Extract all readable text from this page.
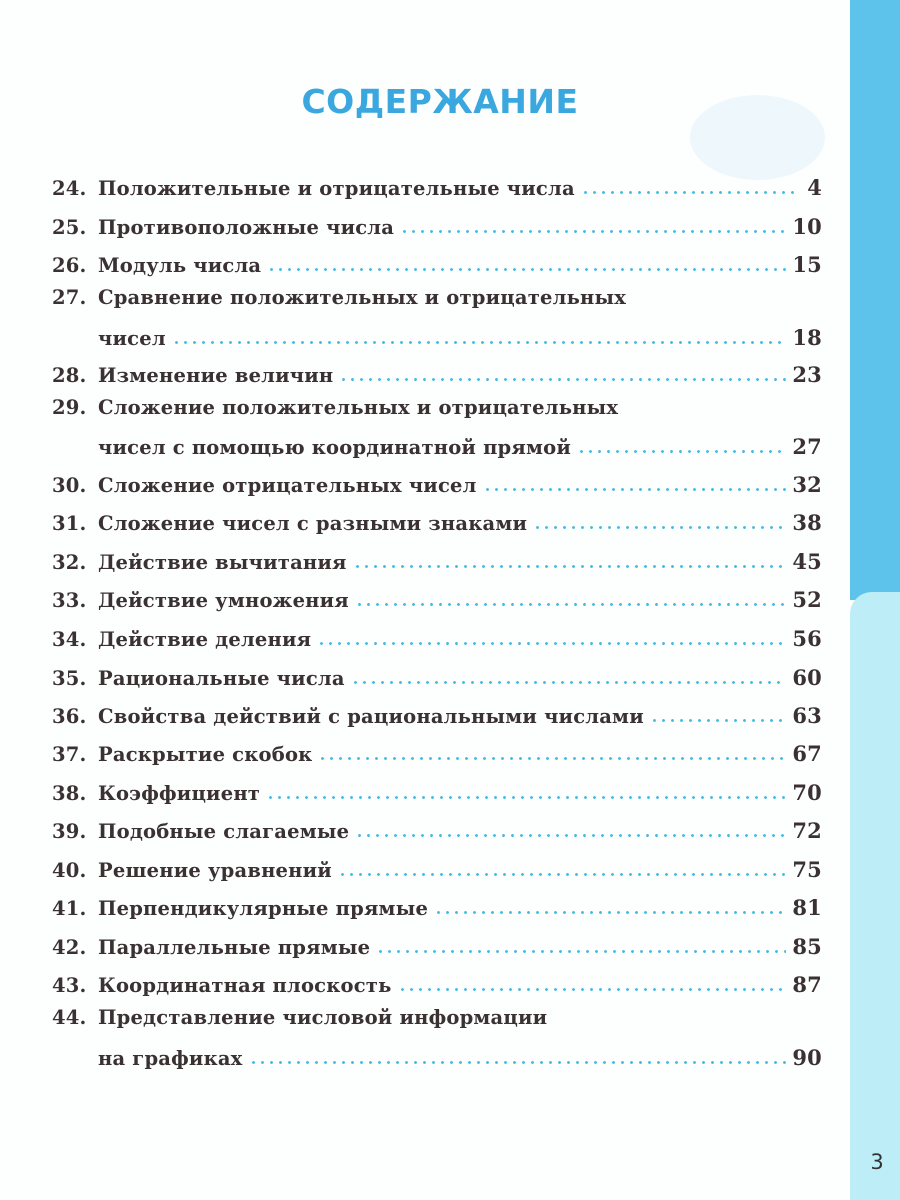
СОДЕРЖАНИЕ
24. Положительные и отрицательные числа	4
25. Противоположные числа	10
26. Модуль числа	15
27. Сравнение положительных и отрицательных
чисел	18
28. Изменение величин	23
29. Сложение положительных и отрицательных
чисел с помощью координатной прямой	27
30. Сложение отрицательных чисел	32
31. Сложение чисел с разными знаками	38
32. Действие вычитания	45
33. Действие умножения	52
34. Действие деления	56
35. Рациональные числа	60
36. Свойства действий с рациональными числами	63
37. Раскрытие скобок	67
38. Коэффициент	70
39. Подобные слагаемые	72
40. Решение уравнений	75
41. Перпендикулярные прямые	81
42. Параллельные прямые	85
43. Координатная плоскость	87
44. Представление числовой информации
на графиках	90
3
